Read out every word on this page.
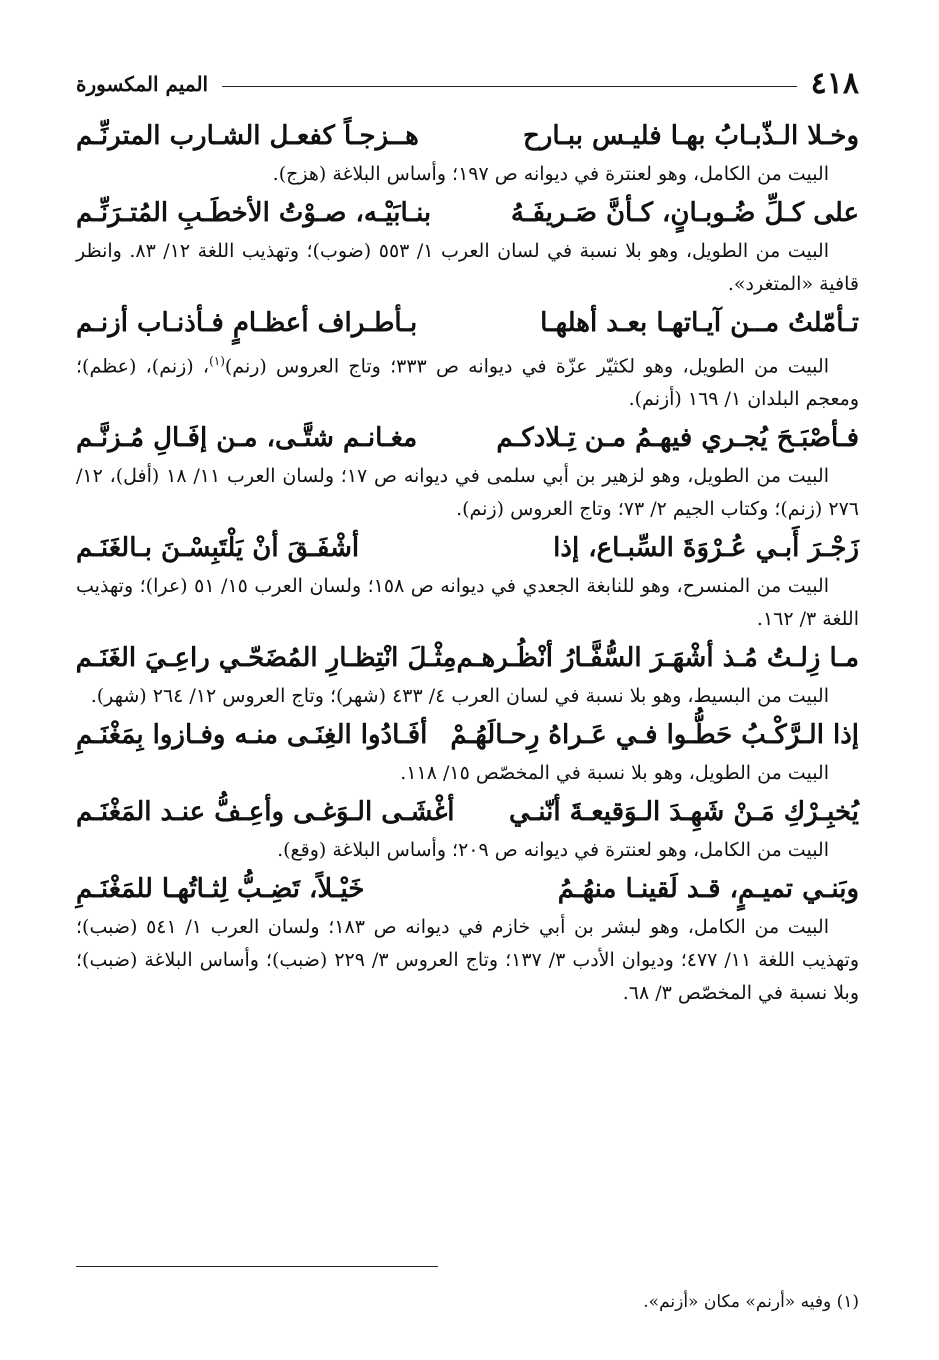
٤١٨
الميم المكسورة
وخـلا الـذّبـابُ بهـا فليـس ببـارح
هــزجـاً كفعـل الشـارب المترنِّـم
البيت من الكامل، وهو لعنترة في ديوانه ص ١٩٧؛ وأساس البلاغة (هزج).
على كـلِّ ضُـوبـانٍ، كـأنَّ صَـريفَـهُ
بنـابَيْـه، صـوْتُ الأخطَـبِ المُتـرَنِّـم
البيت من الطويل، وهو بلا نسبة في لسان العرب ١/ ٥٥٣ (ضوب)؛ وتهذيب اللغة ١٢/ ٨٣. وانظر قافية «المتغرد».
تـأمّلتُ مــن آيـاتهـا بعـد أهلهـا
بـأطـراف أعظـامٍ فـأذنـاب أزنـم
البيت من الطويل، وهو لكثيّر عزّة في ديوانه ص ٣٣٣؛ وتاج العروس (رنم)$^{(١)}$، (زنم)، (عظم)؛ ومعجم البلدان ١/ ١٦٩ (أزنم).
فـأصْبَـحَ يُجـري فيهـمُ مـن تِـلادكـم
مغـانـم شتَّـى، مـن إفَـالِ مُـزنَّـم
البيت من الطويل، وهو لزهير بن أبي سلمى في ديوانه ص ١٧؛ ولسان العرب ١١/ ١٨ (أفل)، ١٢/ ٢٧٦ (زنم)؛ وكتاب الجيم ٢/ ٧٣؛ وتاج العروس (زنم).
زَجْـرَ أَبـي عُـرْوَةَ السِّبـاع، إذا
أشْفَـقَ أنْ يَلْتَبِسْـنَ بـالغَنَـم
البيت من المنسرح، وهو للنابغة الجعدي في ديوانه ص ١٥٨؛ ولسان العرب ١٥/ ٥١ (عرا)؛ وتهذيب اللغة ٣/ ١٦٢.
مـا زِلـتُ مُـذ أشْهَـرَ السُّفَّـارُ أنْظُـرهـم
مِثْـلَ انْتِظـارِ المُضَحّـي راعِـيَ الغَنَـم
البيت من البسيط، وهو بلا نسبة في لسان العرب ٤/ ٤٣٣ (شهر)؛ وتاج العروس ١٢/ ٢٦٤ (شهر).
إذا الـرَّكْـبُ حَطُّـوا فـي عَـراهُ رِحـالَهُـمْ
أفَـادُوا الغِنَـى منـه وفـازوا بِمَغْنَـمِ
البيت من الطويل، وهو بلا نسبة في المخصّص ١٥/ ١١٨.
يُخبِـرْكِ مَـنْ شَهِـدَ الـوَقيعـةَ أنّنـي
أغْشَـى الـوَغـى وأعِـفُّ عنـد المَغْنَـم
البيت من الكامل، وهو لعنترة في ديوانه ص ٢٠٩؛ وأساس البلاغة (وقع).
وبَنـي تميـمٍ، قـد لَقينـا منهُـمُ
خَيْـلاً، تَضِـبُّ لِثـاتُهـا للمَغْنَـمِ
البيت من الكامل، وهو لبشر بن أبي خازم في ديوانه ص ١٨٣؛ ولسان العرب ١/ ٥٤١ (ضبب)؛ وتهذيب اللغة ١١/ ٤٧٧؛ وديوان الأدب ٣/ ١٣٧؛ وتاج العروس ٣/ ٢٢٩ (ضبب)؛ وأساس البلاغة (ضبب)؛ وبلا نسبة في المخصّص ٣/ ٦٨.
(١) وفيه «أرنم» مكان «أزنم».
